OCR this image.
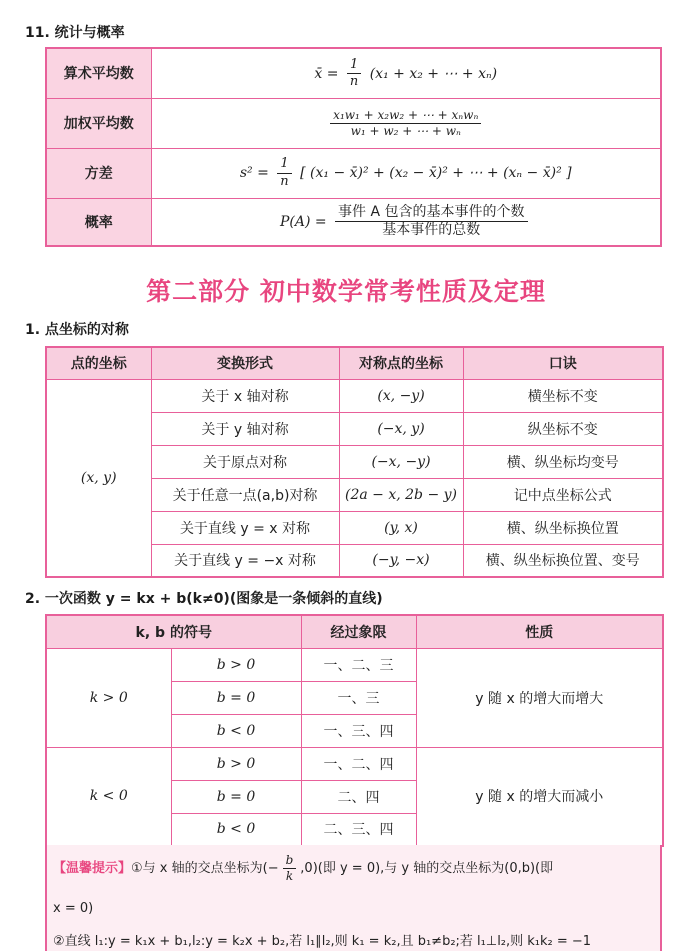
11. 统计与概率
算术平均数	x̄ = $\frac{1}{n} (x_1 + x_2$ + ⋯ + xₙ)
加权平均数	$\frac{\text{x₁w₁ + x₂w₂ + ⋯ + xₙwₙ}}{\text{w₁ + w₂ + ⋯ + wₙ}}$

方差	$s^2 = \frac{1}{n}$ [ (x₁ − x̄)² + (x₂ − x̄)² + ⋯ + (xₙ − x̄)² ]
概率	$P(A) = \frac{\text{事件 A 包含的基本事件的个数}}{\text{基本事件的总数}}$
第二部分 初中数学常考性质及定理
1. 点坐标的对称
点的坐标	变换形式	对称点的坐标	口诀
(x, y)	关于 x 轴对称	(x, −y)	横坐标不变
	关于 y 轴对称	(−x, y)	纵坐标不变
	关于原点对称	(−x, −y)	横、纵坐标均变号
	关于任意一点(a,b)对称	(2a − x, 2b − y)	记中点坐标公式
	关于直线 y = x 对称	(y, x)	横、纵坐标换位置
	关于直线 y = −x 对称	(−y, −x)	横、纵坐标换位置、变号
2. 一次函数 y = kx + b(k≠0)(图象是一条倾斜的直线)
k, b 的符号		经过象限	性质
k > 0	b > 0	一、二、三	y 随 x 的增大而增大
	b = 0	一、三	
	b < 0	一、三、四	
k < 0	b > 0	一、二、四	y 随 x 的增大而减小
	b = 0	二、四	
	b < 0	二、三、四	
【温馨提示】①与 x 轴的交点坐标为(− $\frac{b}{k} ,0$)(即 y = 0),与 y 轴的交点坐标为(0,b)(即
x = 0)
②直线 l₁:y = k₁x + b₁,l₂:y = k₂x + b₂,若 l₁∥l₂,则 k₁ = k₂,且 b₁≠b₂;若 l₁⊥l₂,则 k₁k₂ = −1
